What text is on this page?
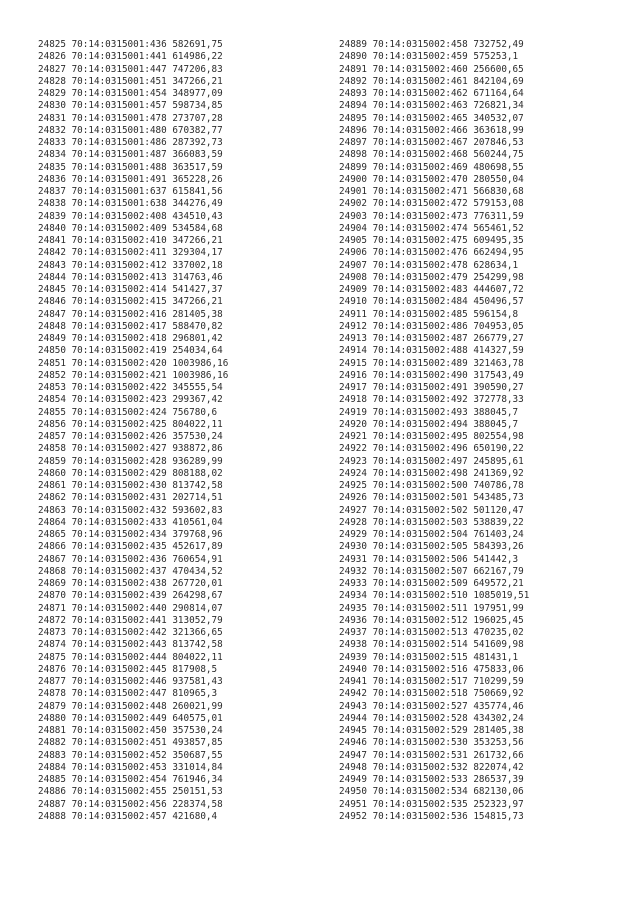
24825 70:14:0315001:436 582691,75
24826 70:14:0315001:441 614986,22
24827 70:14:0315001:447 747206,83
24828 70:14:0315001:451 347266,21
24829 70:14:0315001:454 348977,09
24830 70:14:0315001:457 598734,85
24831 70:14:0315001:478 273707,28
24832 70:14:0315001:480 670382,77
24833 70:14:0315001:486 287392,73
24834 70:14:0315001:487 366083,59
24835 70:14:0315001:488 363517,59
24836 70:14:0315001:491 365228,26
24837 70:14:0315001:637 615841,56
24838 70:14:0315001:638 344276,49
24839 70:14:0315002:408 434510,43
24840 70:14:0315002:409 534584,68
24841 70:14:0315002:410 347266,21
24842 70:14:0315002:411 329304,17
24843 70:14:0315002:412 337002,18
24844 70:14:0315002:413 314763,46
24845 70:14:0315002:414 541427,37
24846 70:14:0315002:415 347266,21
24847 70:14:0315002:416 281405,38
24848 70:14:0315002:417 588470,82
24849 70:14:0315002:418 296801,42
24850 70:14:0315002:419 254034,64
24851 70:14:0315002:420 1003986,16
24852 70:14:0315002:421 1003986,16
24853 70:14:0315002:422 345555,54
24854 70:14:0315002:423 299367,42
24855 70:14:0315002:424 756780,6
24856 70:14:0315002:425 804022,11
24857 70:14:0315002:426 357530,24
24858 70:14:0315002:427 938872,86
24859 70:14:0315002:428 936289,99
24860 70:14:0315002:429 808188,02
24861 70:14:0315002:430 813742,58
24862 70:14:0315002:431 202714,51
24863 70:14:0315002:432 593602,83
24864 70:14:0315002:433 410561,04
24865 70:14:0315002:434 379768,96
24866 70:14:0315002:435 452617,89
24867 70:14:0315002:436 760654,91
24868 70:14:0315002:437 470434,52
24869 70:14:0315002:438 267720,01
24870 70:14:0315002:439 264298,67
24871 70:14:0315002:440 290814,07
24872 70:14:0315002:441 313052,79
24873 70:14:0315002:442 321366,65
24874 70:14:0315002:443 813742,58
24875 70:14:0315002:444 804022,11
24876 70:14:0315002:445 817908,5
24877 70:14:0315002:446 937581,43
24878 70:14:0315002:447 810965,3
24879 70:14:0315002:448 260021,99
24880 70:14:0315002:449 640575,01
24881 70:14:0315002:450 357530,24
24882 70:14:0315002:451 493857,85
24883 70:14:0315002:452 350687,55
24884 70:14:0315002:453 331014,84
24885 70:14:0315002:454 761946,34
24886 70:14:0315002:455 250151,53
24887 70:14:0315002:456 228374,58
24888 70:14:0315002:457 421680,4
24889 70:14:0315002:458 732752,49
24890 70:14:0315002:459 575253,1
24891 70:14:0315002:460 256600,65
24892 70:14:0315002:461 842104,69
24893 70:14:0315002:462 671164,64
24894 70:14:0315002:463 726821,34
24895 70:14:0315002:465 340532,07
24896 70:14:0315002:466 363618,99
24897 70:14:0315002:467 207846,53
24898 70:14:0315002:468 560244,75
24899 70:14:0315002:469 480698,55
24900 70:14:0315002:470 280550,04
24901 70:14:0315002:471 566830,68
24902 70:14:0315002:472 579153,08
24903 70:14:0315002:473 776311,59
24904 70:14:0315002:474 565461,52
24905 70:14:0315002:475 609495,35
24906 70:14:0315002:476 662494,95
24907 70:14:0315002:478 628634,1
24908 70:14:0315002:479 254299,98
24909 70:14:0315002:483 444607,72
24910 70:14:0315002:484 450496,57
24911 70:14:0315002:485 596154,8
24912 70:14:0315002:486 704953,05
24913 70:14:0315002:487 266779,27
24914 70:14:0315002:488 414327,59
24915 70:14:0315002:489 321463,78
24916 70:14:0315002:490 317543,49
24917 70:14:0315002:491 390590,27
24918 70:14:0315002:492 372778,33
24919 70:14:0315002:493 388045,7
24920 70:14:0315002:494 388045,7
24921 70:14:0315002:495 802554,98
24922 70:14:0315002:496 650190,22
24923 70:14:0315002:497 245895,61
24924 70:14:0315002:498 241369,92
24925 70:14:0315002:500 740786,78
24926 70:14:0315002:501 543485,73
24927 70:14:0315002:502 501120,47
24928 70:14:0315002:503 538839,22
24929 70:14:0315002:504 761403,24
24930 70:14:0315002:505 584393,26
24931 70:14:0315002:506 541442,3
24932 70:14:0315002:507 662167,79
24933 70:14:0315002:509 649572,21
24934 70:14:0315002:510 1085019,51
24935 70:14:0315002:511 197951,99
24936 70:14:0315002:512 196025,45
24937 70:14:0315002:513 470235,02
24938 70:14:0315002:514 541609,98
24939 70:14:0315002:515 481431,1
24940 70:14:0315002:516 475833,06
24941 70:14:0315002:517 710299,59
24942 70:14:0315002:518 750669,92
24943 70:14:0315002:527 435774,46
24944 70:14:0315002:528 434302,24
24945 70:14:0315002:529 281405,38
24946 70:14:0315002:530 353253,56
24947 70:14:0315002:531 261732,66
24948 70:14:0315002:532 822074,42
24949 70:14:0315002:533 286537,39
24950 70:14:0315002:534 682130,06
24951 70:14:0315002:535 252323,97
24952 70:14:0315002:536 154815,73
